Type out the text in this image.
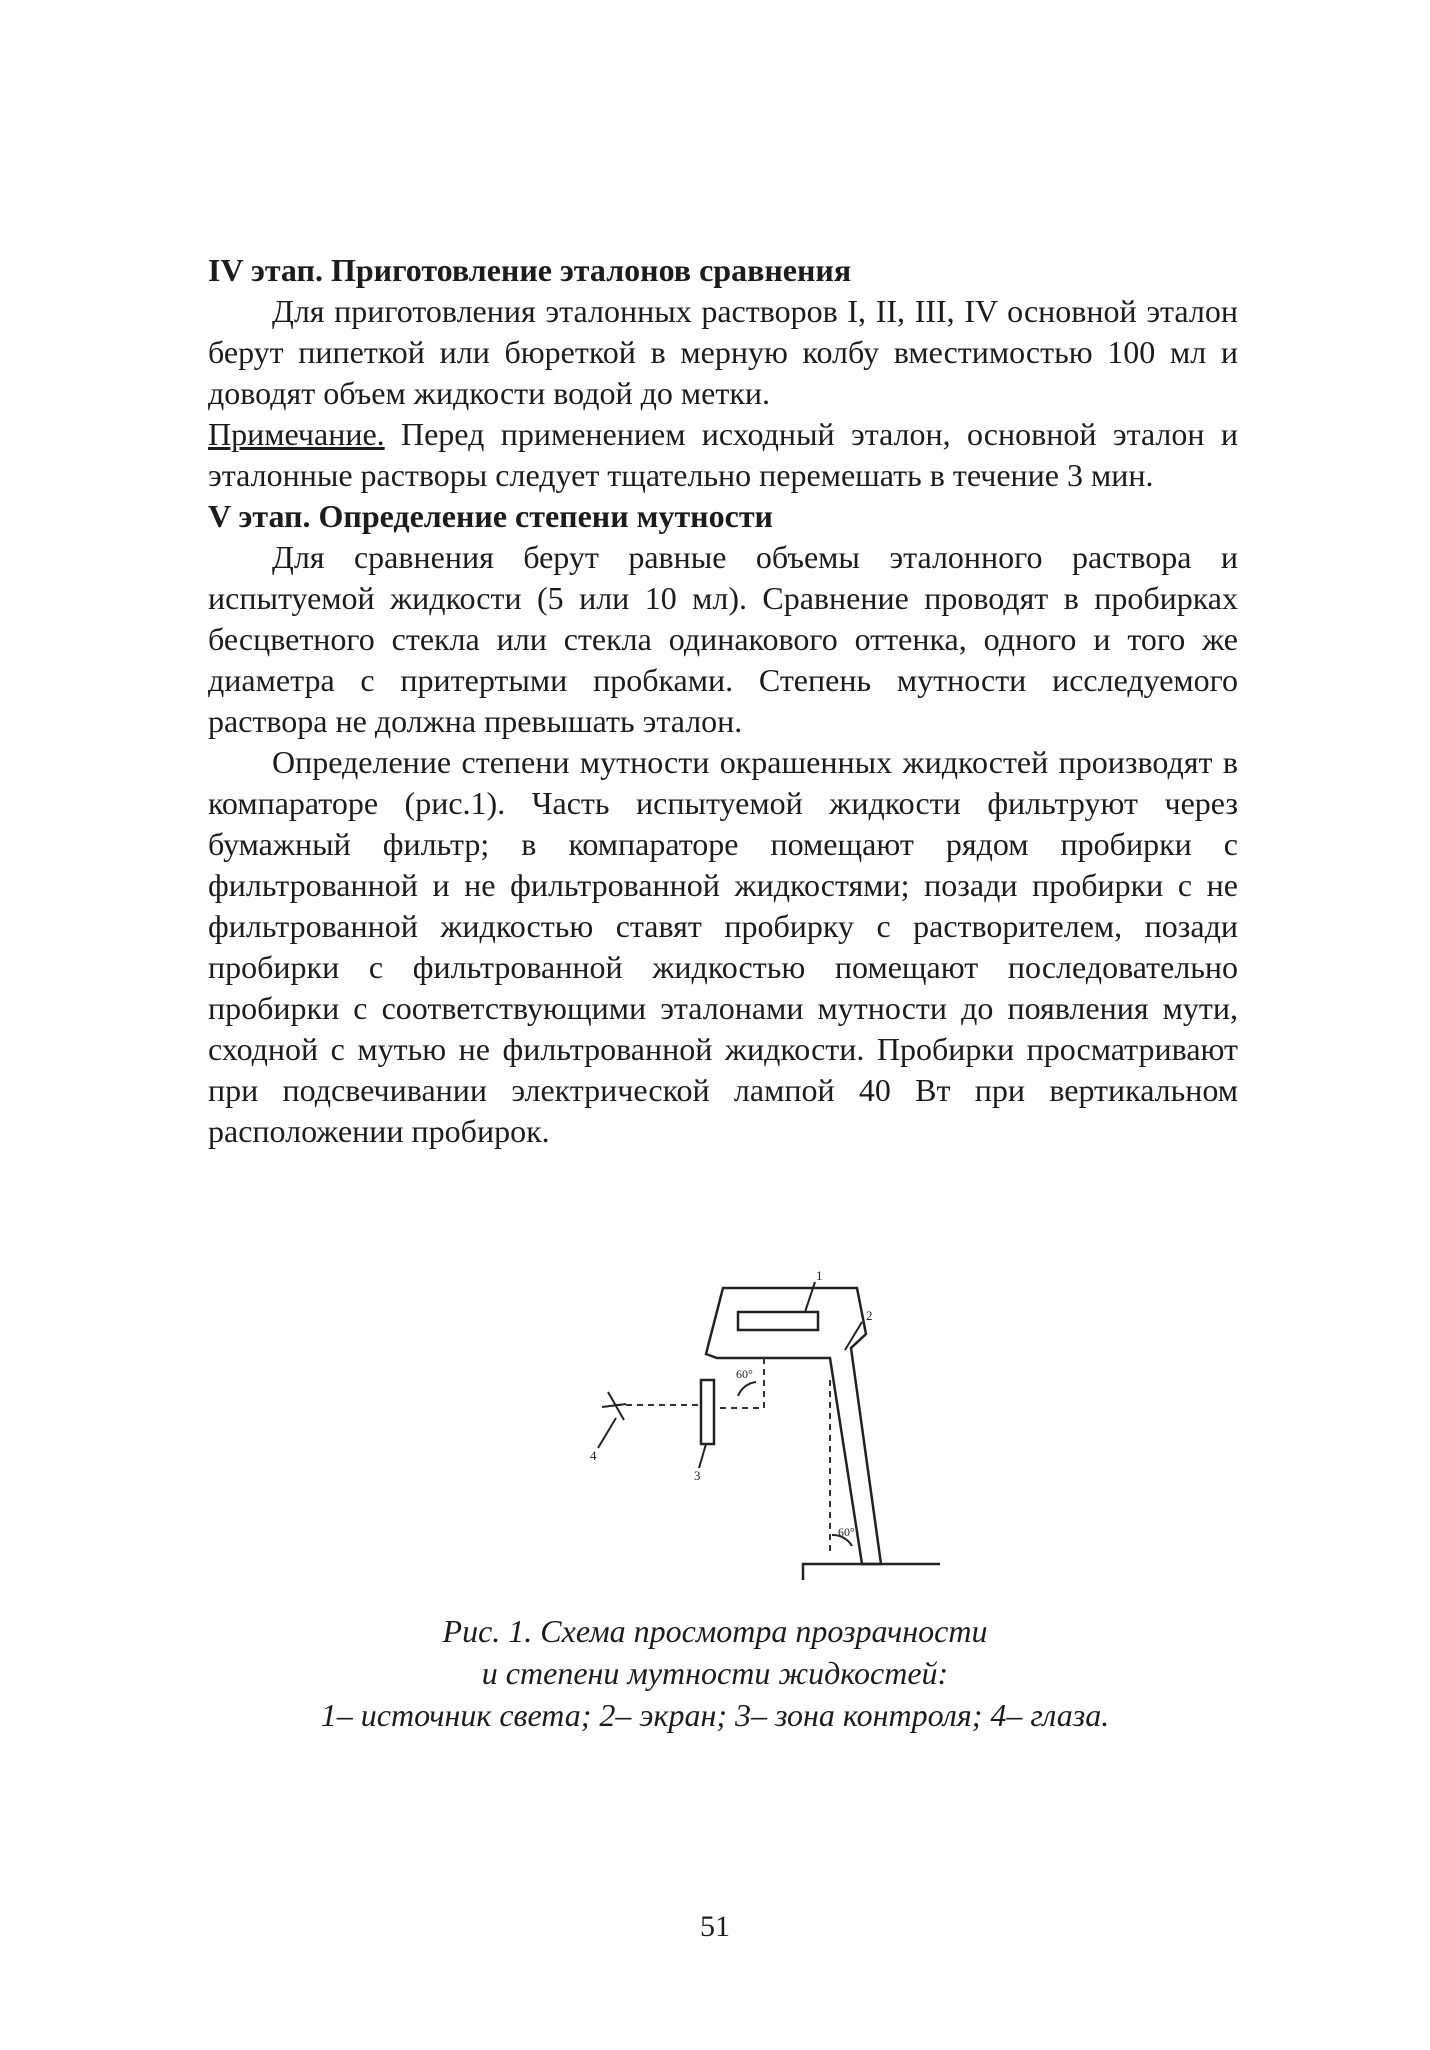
IV этап. Приготовление эталонов сравнения

Для приготовления эталонных растворов I, II, III, IV основной эталон берут пипеткой или бюреткой в мерную колбу вместимостью 100 мл и доводят объем жидкости водой до метки.

Примечание. Перед применением исходный эталон, основной эталон и эталонные растворы следует тщательно перемешать в течение 3 мин.

V этап. Определение степени мутности

Для сравнения берут равные объемы эталонного раствора и испытуемой жидкости (5 или 10 мл). Сравнение проводят в пробирках бесцветного стекла или стекла одинакового оттенка, одного и того же диаметра с притертыми пробками. Степень мутности исследуемого раствора не должна превышать эталон.

Определение степени мутности окрашенных жидкостей производят в компараторе (рис.1). Часть испытуемой жидкости фильтруют через бумажный фильтр; в компараторе помещают рядом пробирки с фильтрованной и не фильтрованной жидкостями; позади пробирки с не фильтрованной жидкостью ставят пробирку с растворителем, позади пробирки с фильтрованной жидкостью помещают последовательно пробирки с соответствующими эталонами мутности до появления мути, сходной с мутью не фильтрованной жидкости. Пробирки просматривают при подсвечивании электрической лампой 40 Вт при вертикальном расположении пробирок.

1
2
3
4
60°
60°
Рис. 1. Схема просмотра прозрачности
и степени мутности жидкостей:
1– источник света; 2– экран; 3– зона контроля; 4– глаза.
51
